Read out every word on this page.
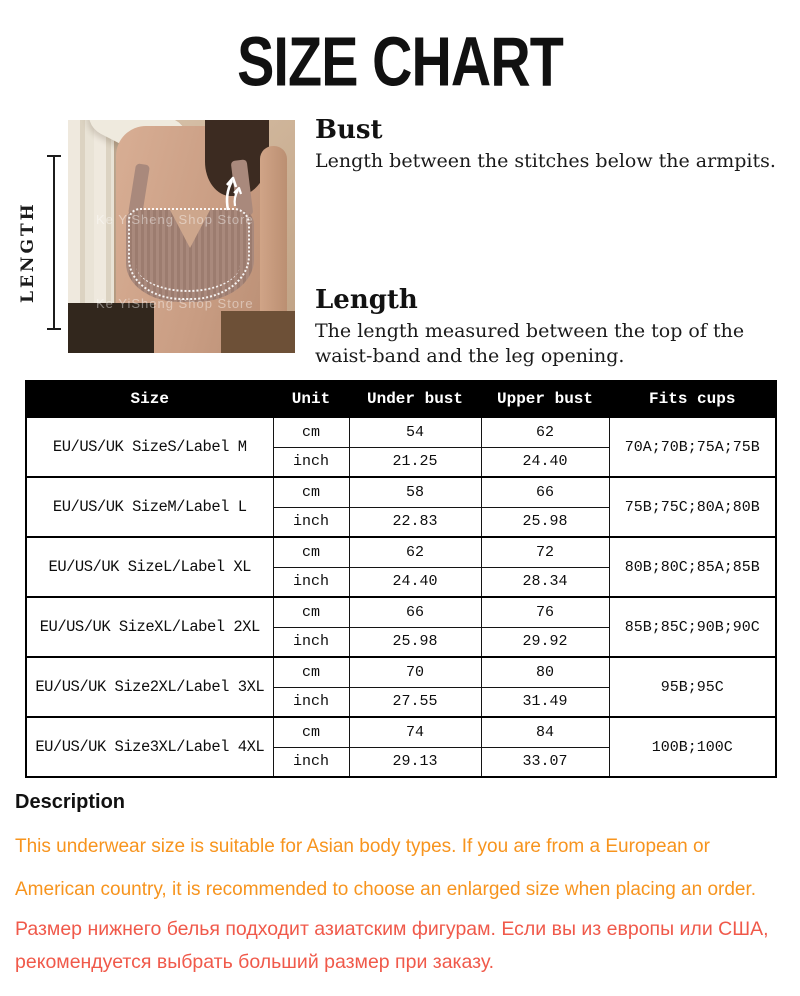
SIZE CHART
LENGTH	Ke YiSheng Shop Store
Ke YiSheng Shop Store
Bust
Length between the stitches below the armpits.
Length
The length measured between the top of the waist-band and the leg opening.
Size	Unit	Under bust	Upper bust	Fits cups
EU/US/UK SizeS/Label M	cm	54	62	70A;70B;75A;75B
	inch	21.25	24.40	
EU/US/UK SizeM/Label L	cm	58	66	75B;75C;80A;80B
	inch	22.83	25.98	
EU/US/UK SizeL/Label XL	cm	62	72	80B;80C;85A;85B
	inch	24.40	28.34	
EU/US/UK SizeXL/Label 2XL	cm	66	76	85B;85C;90B;90C
	inch	25.98	29.92	
EU/US/UK Size2XL/Label 3XL	cm	70	80	95B;95C
	inch	27.55	31.49	
EU/US/UK Size3XL/Label 4XL	cm	74	84	100B;100C
	inch	29.13	33.07	
Description
This underwear size is suitable for Asian body types. If you are from a European or
American country, it is recommended to choose an enlarged size when placing an order.
Размер нижнего белья подходит азиатским фигурам. Если вы из европы или США,
рекомендуется выбрать больший размер при заказу.
